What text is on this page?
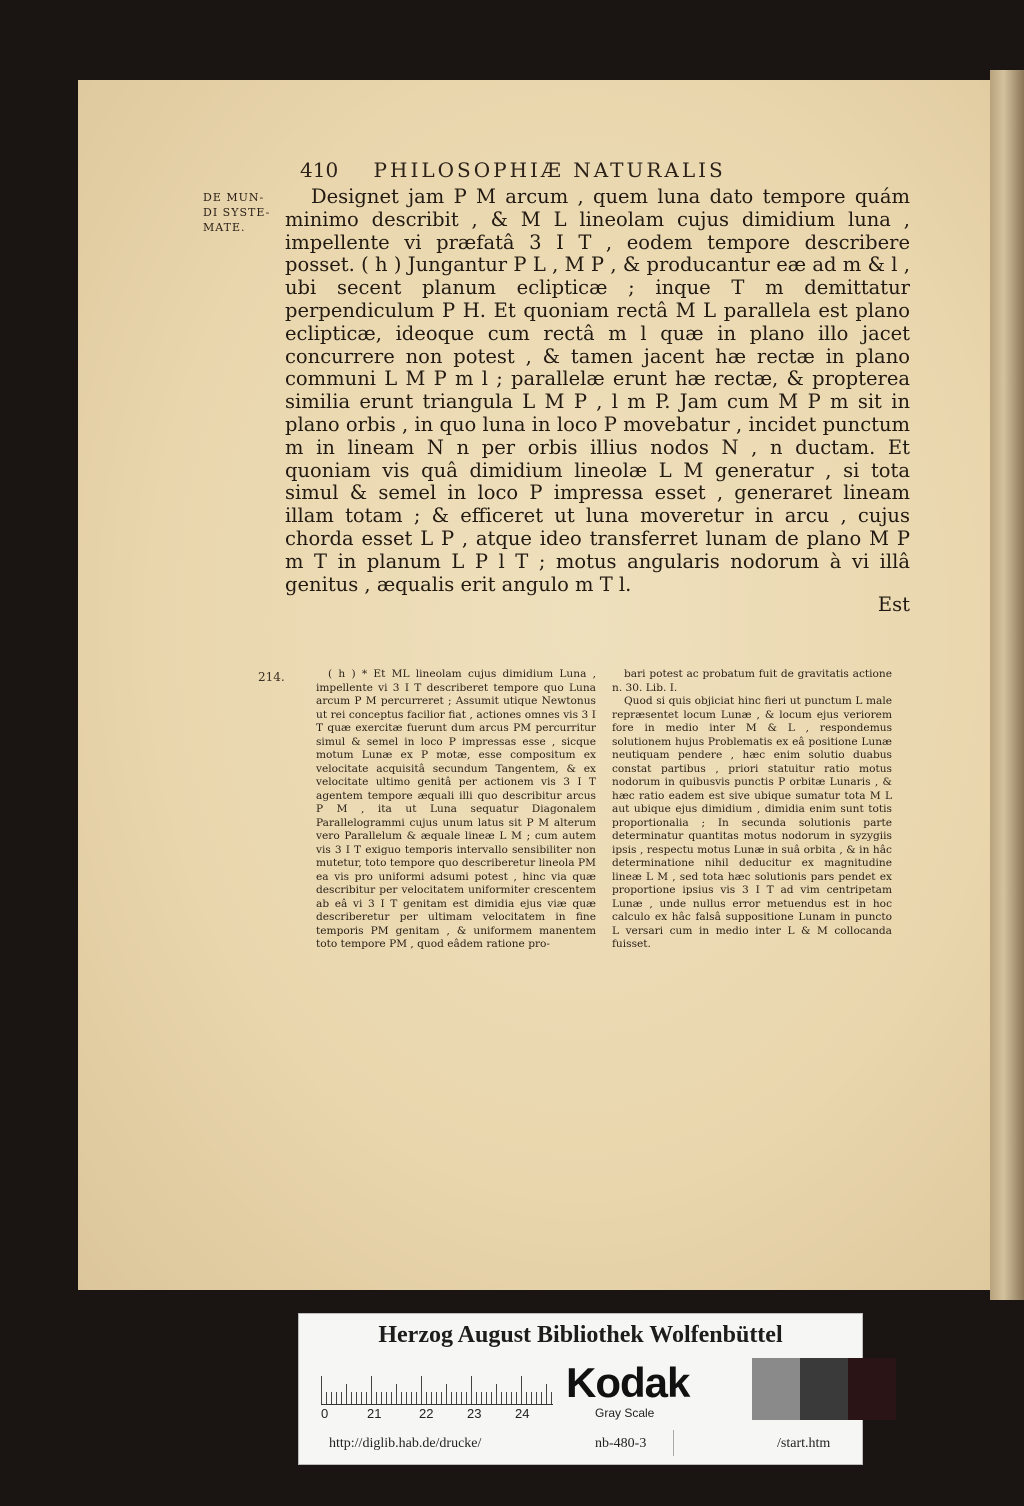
410 PHILOSOPHIÆ NATURALIS
DE MUN-
DI SYSTE-
MATE.

Designet jam P M arcum , quem luna dato tempore quám minimo describit , & M L lineolam cujus dimidium luna , impellente vi præfatâ 3 I T , eodem tempore describere posset. ( h ) Jungantur P L , M P , & producantur eæ ad m & l , ubi secent planum eclipticæ ; inque T m demittatur perpendiculum P H. Et quoniam rectâ M L parallela est plano eclipticæ, ideoque cum rectâ m l quæ in plano illo jacet concurrere non potest , & tamen jacent hæ rectæ in plano communi L M P m l ; parallelæ erunt hæ rectæ, & propterea similia erunt triangula L M P , l m P. Jam cum M P m sit in plano orbis , in quo luna in loco P movebatur , incidet punctum m in lineam N n per orbis illius nodos N , n ductam. Et quoniam vis quâ dimidium lineolæ L M generatur , si tota simul & semel in loco P impressa esset , generaret lineam illam totam ; & efficeret ut luna moveretur in arcu , cujus chorda esset L P , atque ideo transferret lunam de plano M P m T in planum L P l T ; motus angularis nodorum à vi illâ genitus , æqualis erit angulo m T l.

Est
214.	( h ) * Et ML lineolam cujus dimidium Luna , impellente vi 3 I T describeret tempore quo Luna arcum P M percurreret ; Assumit utique Newtonus ut rei conceptus facilior fiat , actiones omnes vis 3 I T quæ exercitæ fuerunt dum arcus PM percurritur simul & semel in loco P impressas esse , sicque motum Lunæ ex P motæ, esse compositum ex velocitate acquisitâ secundum Tangentem, & ex velocitate ultimo genitâ per actionem vis 3 I T agentem tempore æquali illi quo describitur arcus P M , ita ut Luna sequatur Diagonalem Parallelogrammi cujus unum latus sit P M alterum vero Parallelum & æquale lineæ L M ; cum autem vis 3 I T exiguo temporis intervallo sensibiliter non mutetur, toto tempore quo describeretur lineola PM ea vis pro uniformi adsumi potest , hinc via quæ describitur per velocitatem uniformiter crescentem ab eâ vi 3 I T genitam est dimidia ejus viæ quæ describeretur per ultimam velocitatem in fine temporis PM genitam , & uniformem manentem toto tempore PM , quod eâdem ratione pro-

bari potest ac probatum fuit de gravitatis actione n. 30. Lib. I.

Quod si quis objiciat hinc fieri ut punctum L male repræsentet locum Lunæ , & locum ejus veriorem fore in medio inter M & L , respondemus solutionem hujus Problematis ex eâ positione Lunæ neutiquam pendere , hæc enim solutio duabus constat partibus , priori statuitur ratio motus nodorum in quibusvis punctis P orbitæ Lunaris , & hæc ratio eadem est sive ubique sumatur tota M L aut ubique ejus dimidium , dimidia enim sunt totis proportionalia ; In secunda solutionis parte determinatur quantitas motus nodorum in syzygiis ipsis , respectu motus Lunæ in suâ orbita , & in hâc determinatione nihil deducitur ex magnitudine lineæ L M , sed tota hæc solutionis pars pendet ex proportione ipsius vis 3 I T ad vim centripetam Lunæ , unde nullus error metuendus est in hoc calculo ex hâc falsâ suppositione Lunam in puncto L versari cum in medio inter L & M collocanda fuisset.

Herzog August Bibliothek Wolfenbüttel
0	21	22	23	24
Kodak
Gray Scale
http://diglib.hab.de/drucke/	nb-480-3	/start.htm
